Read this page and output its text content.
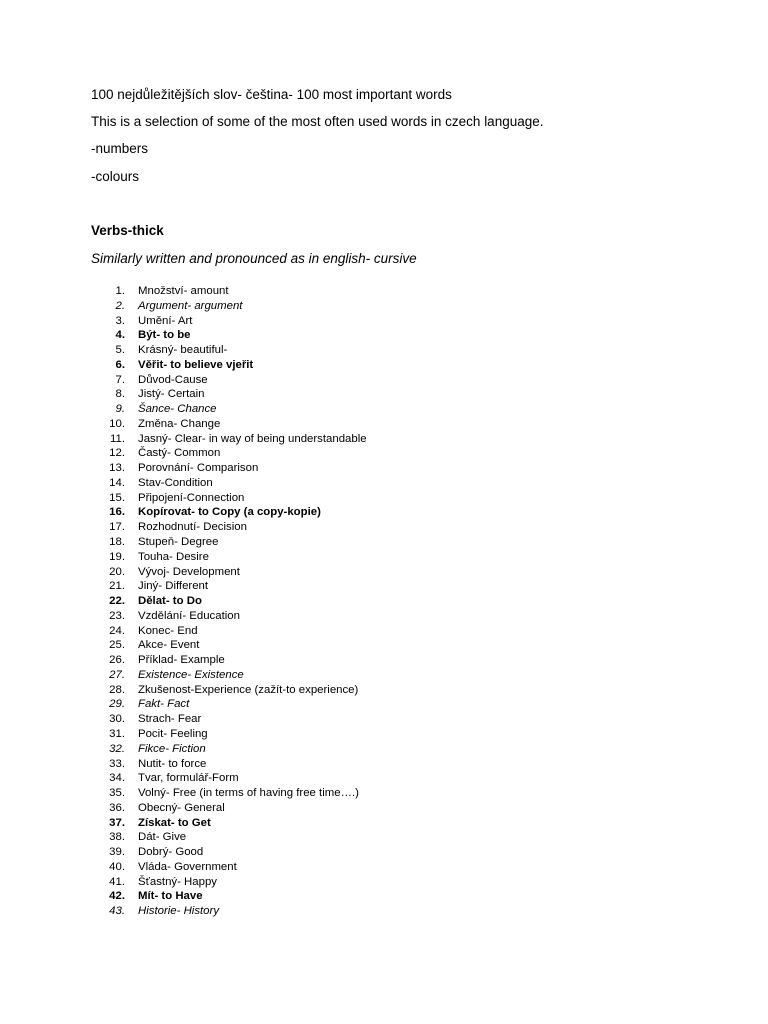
100 nejdůležitějších slov- čeština- 100 most important words

This is a selection of some of the most often used words in czech language.

-numbers

-colours

Verbs-thick

Similarly written and pronounced as in english- cursive

1. Množství- amount
2. Argument- argument
3. Umění- Art
4. Být- to be
5. Krásný- beautiful-
6. Věřit- to believe vjeřit
7. Důvod-Cause
8. Jistý- Certain
9. Šance- Chance
10. Změna- Change
11. Jasný- Clear- in way of being understandable
12. Častý- Common
13. Porovnání- Comparison
14. Stav-Condition
15. Připojení-Connection
16. Kopírovat- to Copy (a copy-kopie)
17. Rozhodnutí- Decision
18. Stupeň- Degree
19. Touha- Desire
20. Vývoj- Development
21. Jiný- Different
22. Dělat- to Do
23. Vzdělání- Education
24. Konec- End
25. Akce- Event
26. Příklad- Example
27. Existence- Existence
28. Zkušenost-Experience (zažít-to experience)
29. Fakt- Fact
30. Strach- Fear
31. Pocit- Feeling
32. Fikce- Fiction
33. Nutit- to force
34. Tvar, formulář-Form
35. Volný- Free (in terms of having free time….)
36. Obecný- General
37. Získat- to Get
38. Dát- Give
39. Dobrý- Good
40. Vláda- Government
41. Šťastný- Happy
42. Mít- to Have
43. Historie- History
